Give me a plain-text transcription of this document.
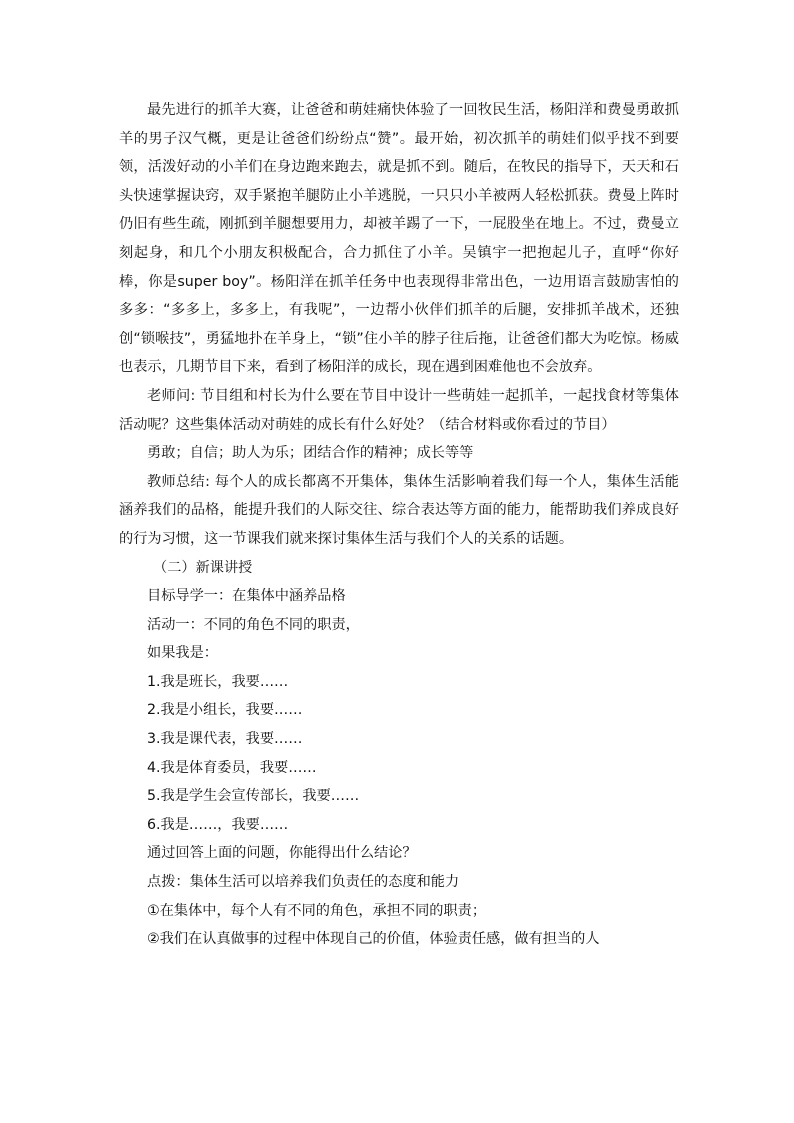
最先进行的抓羊大赛，让爸爸和萌娃痛快体验了一回牧民生活，杨阳洋和费曼勇敢抓羊的男子汉气概，更是让爸爸们纷纷点“赞”。最开始，初次抓羊的萌娃们似乎找不到要领，活泼好动的小羊们在身边跑来跑去，就是抓不到。随后，在牧民的指导下，天天和石头快速掌握诀窍，双手紧抱羊腿防止小羊逃脱，一只只小羊被两人轻松抓获。费曼上阵时仍旧有些生疏，刚抓到羊腿想要用力，却被羊踢了一下，一屁股坐在地上。不过，费曼立刻起身，和几个小朋友积极配合，合力抓住了小羊。吴镇宇一把抱起儿子，直呼“你好棒，你是super boy”。杨阳洋在抓羊任务中也表现得非常出色，一边用语言鼓励害怕的多多：“多多上，多多上，有我呢”，一边帮小伙伴们抓羊的后腿，安排抓羊战术，还独创“锁喉技”，勇猛地扑在羊身上，“锁”住小羊的脖子往后拖，让爸爸们都大为吃惊。杨威也表示，几期节目下来，看到了杨阳洋的成长，现在遇到困难他也不会放弃。

老师问: 节目组和村长为什么要在节目中设计一些萌娃一起抓羊，一起找食材等集体活动呢？这些集体活动对萌娃的成长有什么好处？（结合材料或你看过的节目）

勇敢；自信；助人为乐；团结合作的精神；成长等等

教师总结: 每个人的成长都离不开集体，集体生活影响着我们每一个人，集体生活能涵养我们的品格，能提升我们的人际交往、综合表达等方面的能力，能帮助我们养成良好的行为习惯，这一节课我们就来探讨集体生活与我们个人的关系的话题。

（二）新课讲授

目标导学一：在集体中涵养品格

活动一：不同的角色不同的职责，

如果我是：

1.我是班长，我要……

2.我是小组长，我要……

3.我是课代表，我要……

4.我是体育委员，我要……

5.我是学生会宣传部长，我要……

6.我是……，我要……

通过回答上面的问题，你能得出什么结论？

点拨：集体生活可以培养我们负责任的态度和能力

①在集体中，每个人有不同的角色，承担不同的职责；

②我们在认真做事的过程中体现自己的价值，体验责任感，做有担当的人
